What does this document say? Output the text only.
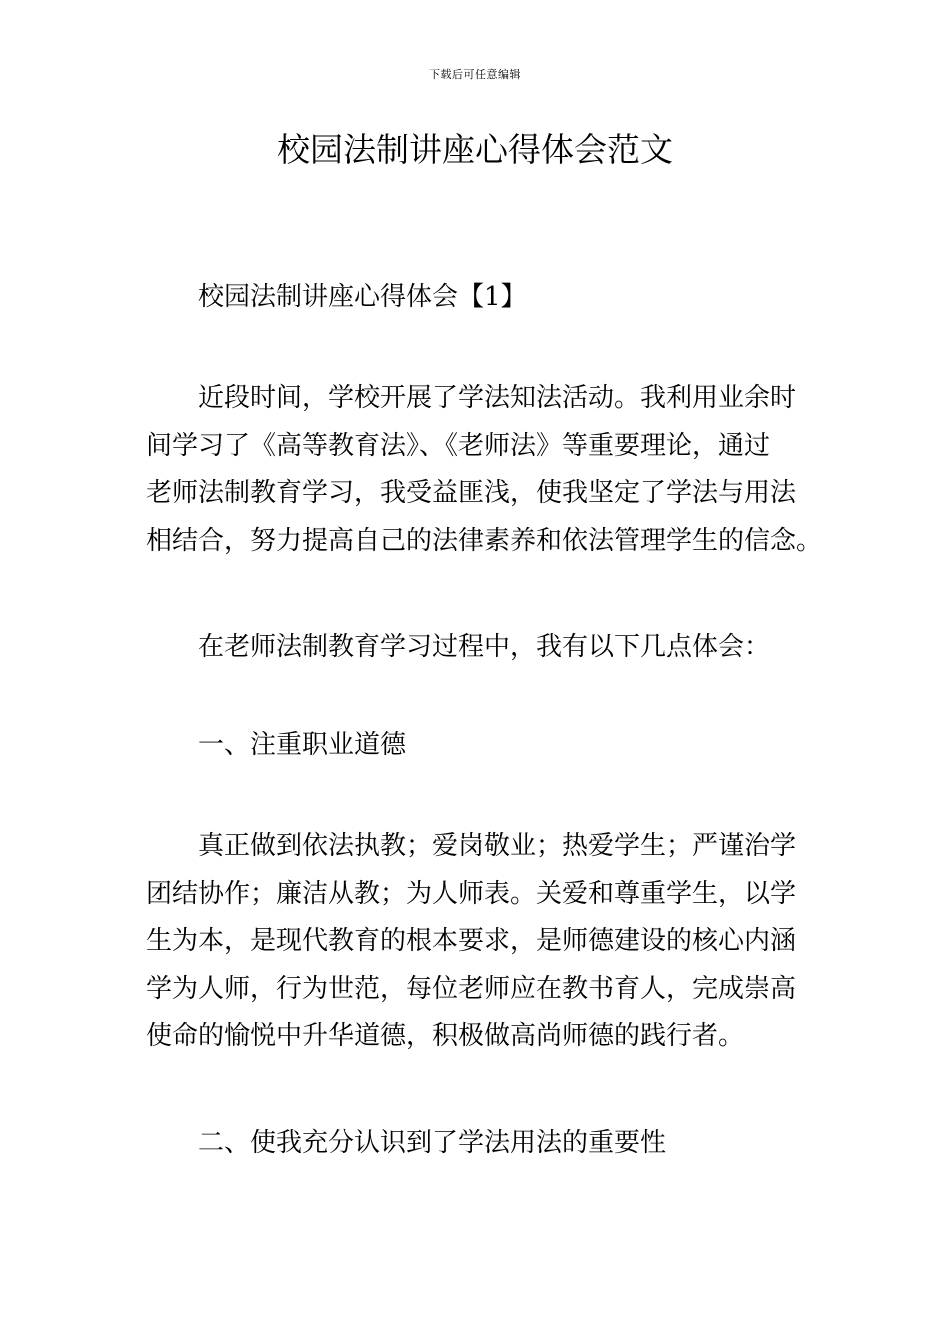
下载后可任意编辑
校园法制讲座心得体会范文
校园法制讲座心得体会【1】
近段时间，学校开展了学法知法活动。我利用业余时
间学习了《高等教育法》、《老师法》等重要理论，通过
老师法制教育学习，我受益匪浅，使我坚定了学法与用法
相结合，努力提高自己的法律素养和依法管理学生的信念。
在老师法制教育学习过程中，我有以下几点体会：
一、注重职业道德
真正做到依法执教；爱岗敬业；热爱学生；严谨治学
团结协作；廉洁从教；为人师表。关爱和尊重学生，以学
生为本，是现代教育的根本要求，是师德建设的核心内涵
学为人师，行为世范，每位老师应在教书育人，完成崇高
使命的愉悦中升华道德，积极做高尚师德的践行者。
二、使我充分认识到了学法用法的重要性
